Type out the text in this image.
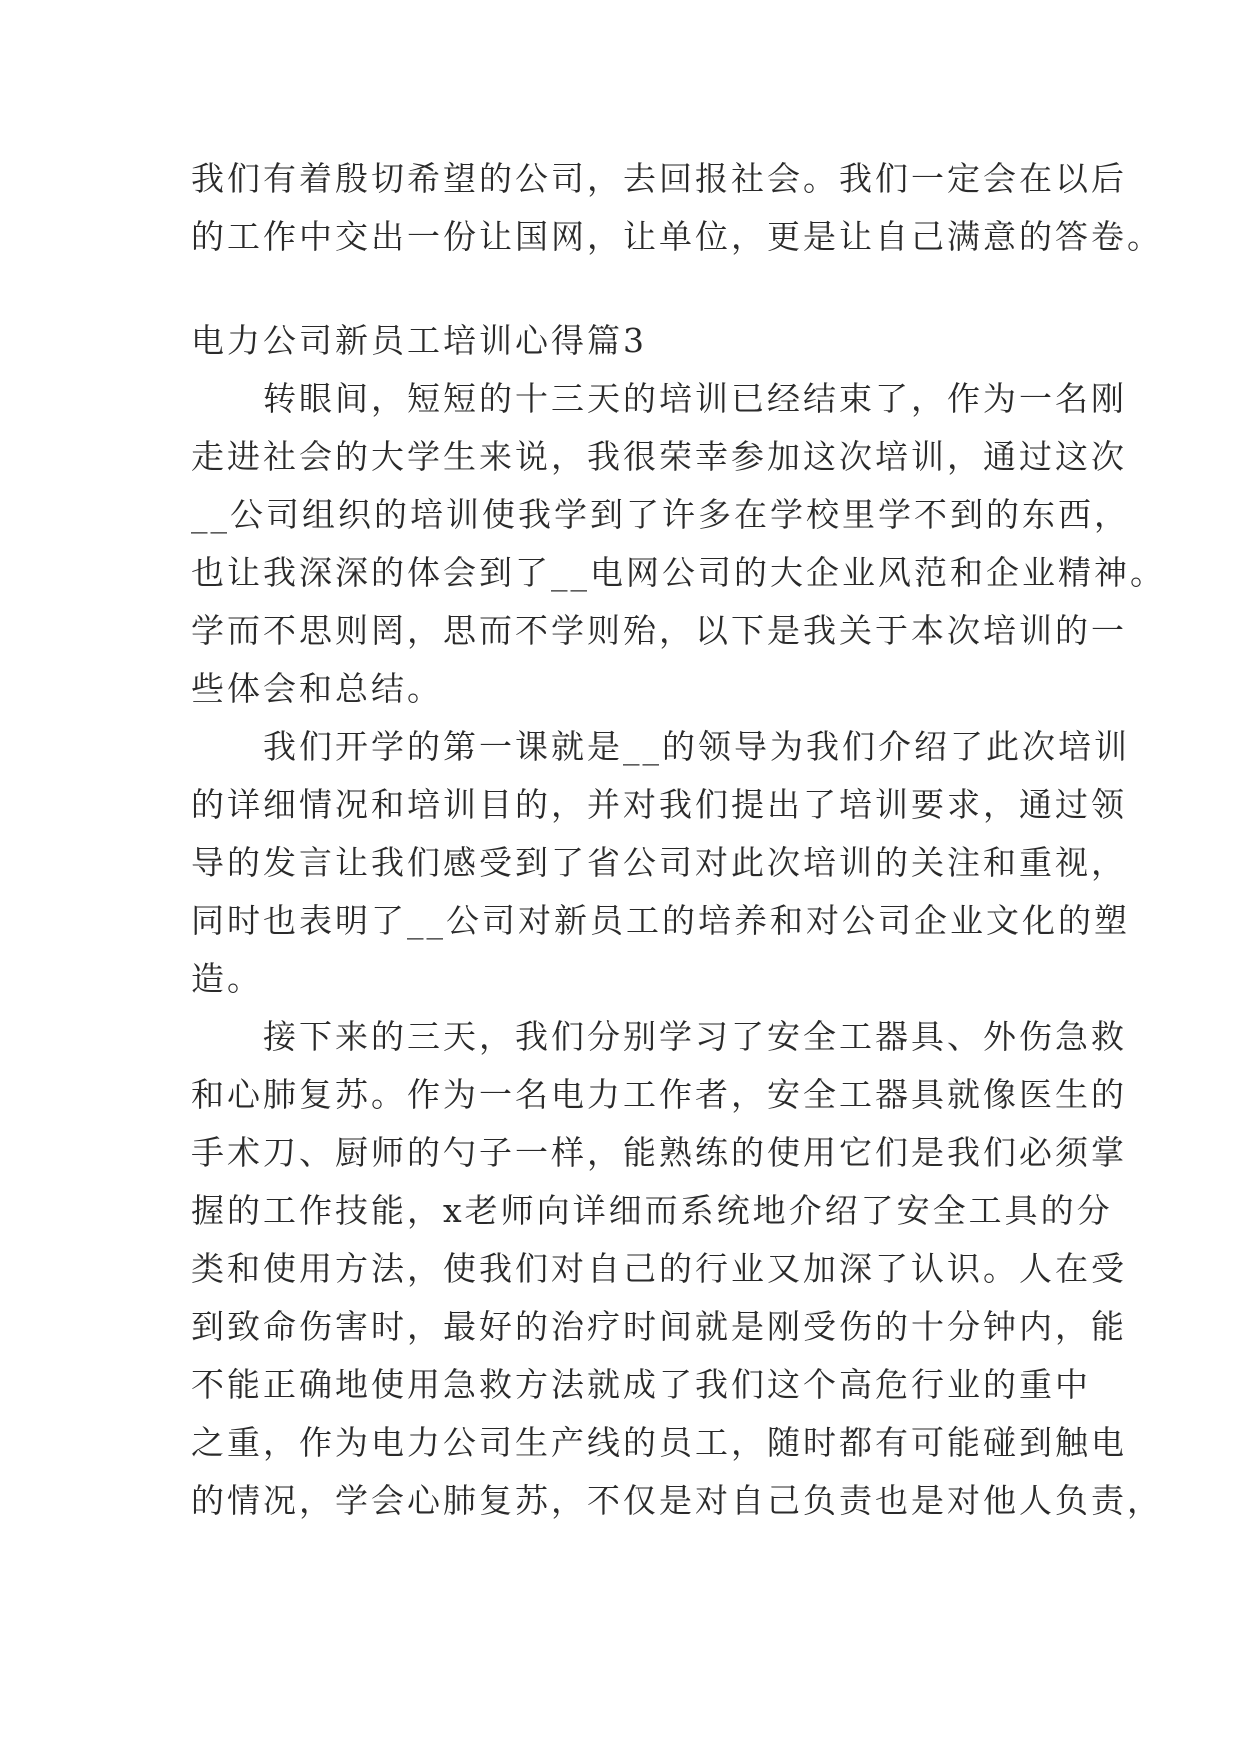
我们有着殷切希望的公司，去回报社会。我们一定会在以后
的工作中交出一份让国网，让单位，更是让自己满意的答卷。
电力公司新员工培训心得篇3
　　转眼间，短短的十三天的培训已经结束了，作为一名刚
走进社会的大学生来说，我很荣幸参加这次培训，通过这次
__公司组织的培训使我学到了许多在学校里学不到的东西，
也让我深深的体会到了__电网公司的大企业风范和企业精神。
学而不思则罔，思而不学则殆，以下是我关于本次培训的一
些体会和总结。
　　我们开学的第一课就是__的领导为我们介绍了此次培训
的详细情况和培训目的，并对我们提出了培训要求，通过领
导的发言让我们感受到了省公司对此次培训的关注和重视，
同时也表明了__公司对新员工的培养和对公司企业文化的塑
造。
　　接下来的三天，我们分别学习了安全工器具、外伤急救
和心肺复苏。作为一名电力工作者，安全工器具就像医生的
手术刀、厨师的勺子一样，能熟练的使用它们是我们必须掌
握的工作技能，x老师向详细而系统地介绍了安全工具的分
类和使用方法，使我们对自己的行业又加深了认识。人在受
到致命伤害时，最好的治疗时间就是刚受伤的十分钟内，能
不能正确地使用急救方法就成了我们这个高危行业的重中
之重，作为电力公司生产线的员工，随时都有可能碰到触电
的情况，学会心肺复苏，不仅是对自己负责也是对他人负责，
